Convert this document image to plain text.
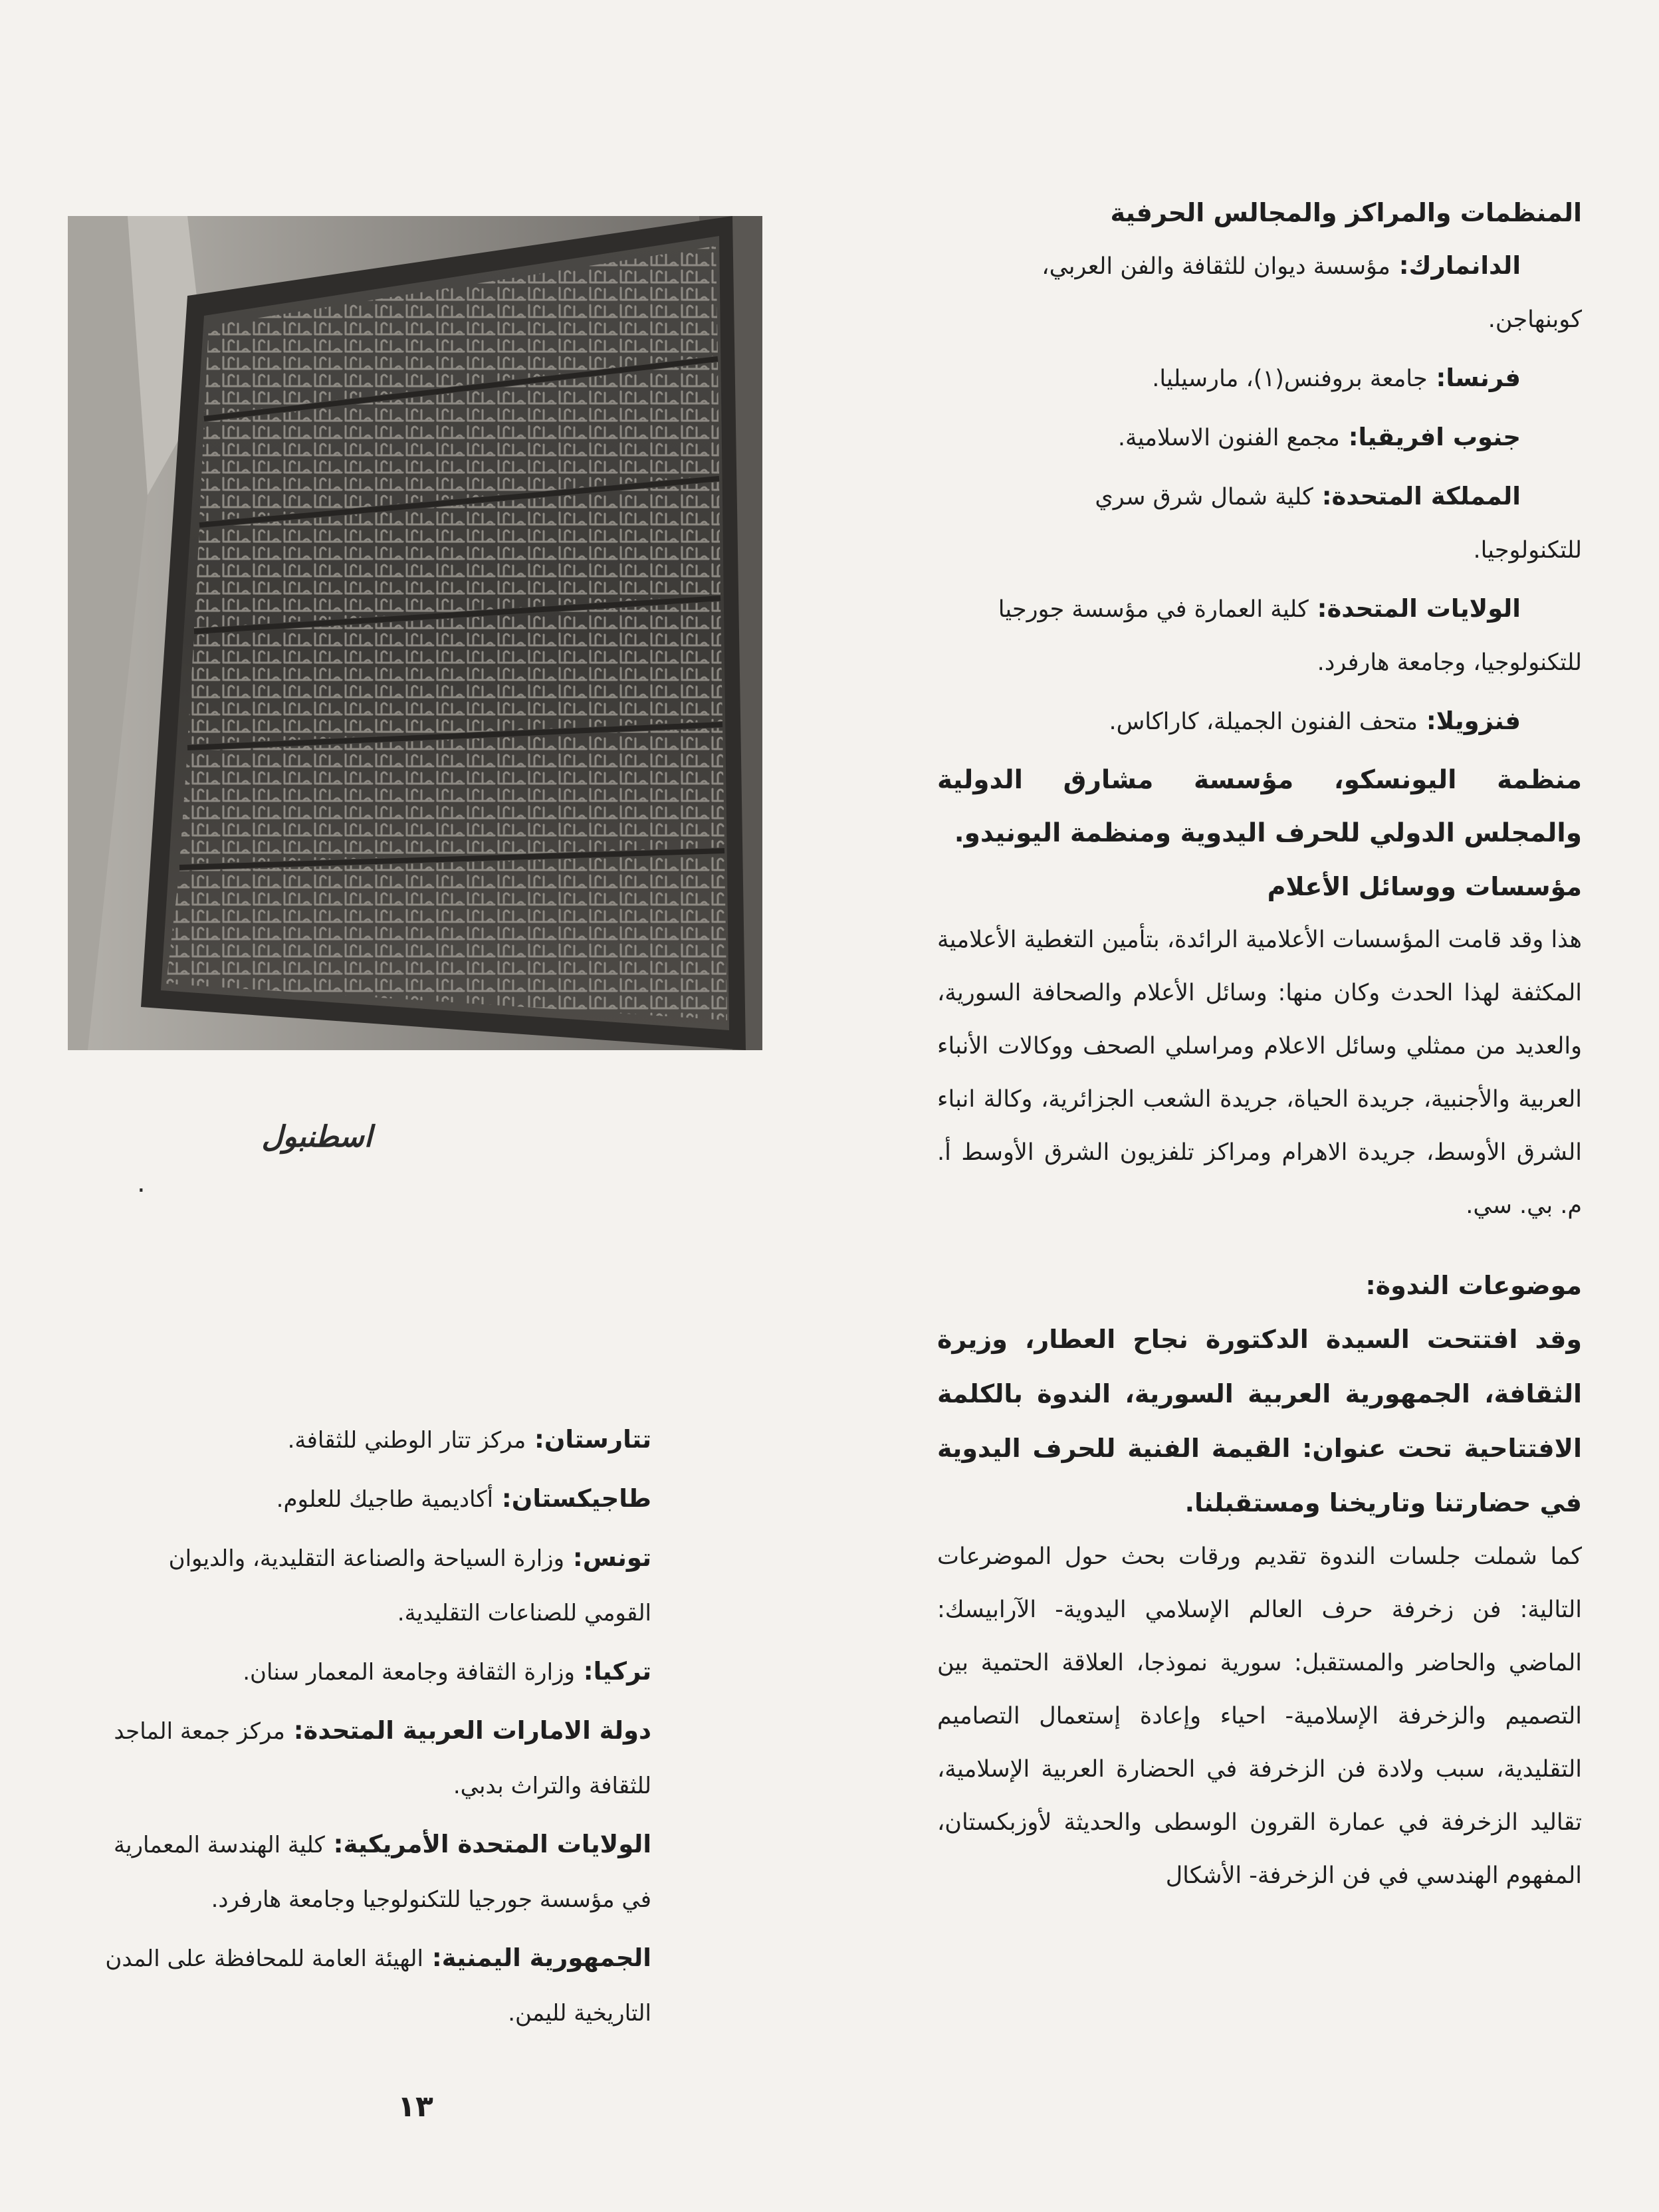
المنظمات والمراكز والمجالس الحرفية

الدانمارك: مؤسسة ديوان للثقافة والفن العربي،
كوبنهاجن.

فرنسا: جامعة بروفنس(١)، مارسيليا.

جنوب افريقيا: مجمع الفنون الاسلامية.

المملكة المتحدة: كلية شمال شرق سري
للتكنولوجيا.

الولايات المتحدة: كلية العمارة في مؤسسة جورجيا
للتكنولوجيا، وجامعة هارفرد.

فنزويلا: متحف الفنون الجميلة، كاراكاس.

منظمة اليونسكو، مؤسسة مشارق الدولية والمجلس الدولي للحرف اليدوية ومنظمة اليونيدو.

مؤسسات ووسائل الأعلام

هذا وقد قامت المؤسسات الأعلامية الرائدة، بتأمين التغطية الأعلامية المكثفة لهذا الحدث وكان منها: وسائل الأعلام والصحافة السورية، والعديد من ممثلي وسائل الاعلام ومراسلي الصحف ووكالات الأنباء العربية والأجنبية، جريدة الحياة، جريدة الشعب الجزائرية، وكالة انباء الشرق الأوسط، جريدة الاهرام ومراكز تلفزيون الشرق الأوسط أ. م. بي. سي.

موضوعات الندوة:

وقد افتتحت السيدة الدكتورة نجاح العطار، وزيرة الثقافة، الجمهورية العربية السورية، الندوة بالكلمة الافتتاحية تحت عنوان: القيمة الفنية للحرف اليدوية في حضارتنا وتاريخنا ومستقبلنا.

كما شملت جلسات الندوة تقديم ورقات بحث حول الموضرعات التالية: فن زخرفة حرف العالم الإسلامي اليدوية- الآرابيسك: الماضي والحاضر والمستقبل: سورية نموذجا، العلاقة الحتمية بين التصميم والزخرفة الإسلامية- احياء وإعادة إستعمال التصاميم التقليدية، سبب ولادة فن الزخرفة في الحضارة العربية الإسلامية، تقاليد الزخرفة في عمارة القرون الوسطى والحديثة لأوزبكستان، المفهوم الهندسي في فن الزخرفة- الأشكال

اسطنبول
.

تتارستان: مركز تتار الوطني للثقافة.

طاجيكستان: أكاديمية طاجيك للعلوم.

تونس: وزارة السياحة والصناعة التقليدية، والديوان
القومي للصناعات التقليدية.

تركيا: وزارة الثقافة وجامعة المعمار سنان.

دولة الامارات العربية المتحدة: مركز جمعة الماجد
للثقافة والتراث بدبي.

الولايات المتحدة الأمريكية: كلية الهندسة المعمارية
في مؤسسة جورجيا للتكنولوجيا وجامعة هارفرد.

الجمهورية اليمنية: الهيئة العامة للمحافظة على المدن
التاريخية لليمن.

١٣
